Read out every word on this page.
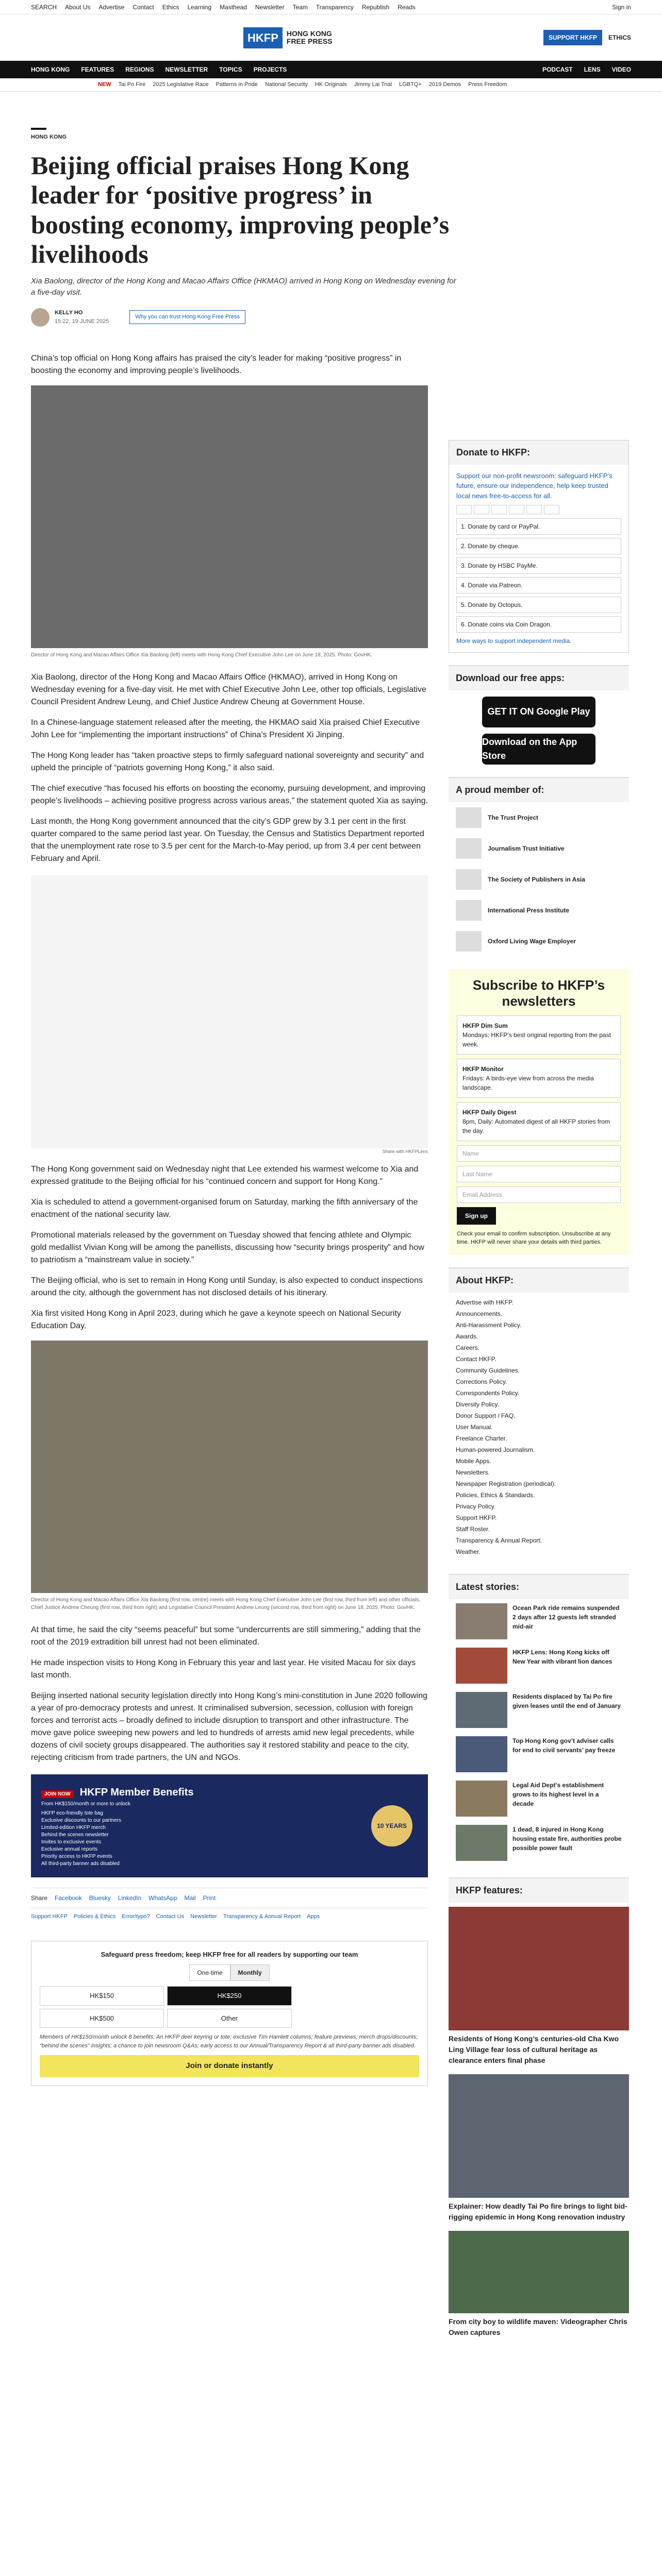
SEARCH About Us Advertise Contact Ethics Learning Masthead Newsletter Team Transparency Republish Reads	Sign in
HKFP	HONG KONG
FREE PRESS	SUPPORT HKFP	ETHICS
HONG KONG FEATURES REGIONS NEWSLETTER TOPICS PROJECTS	PODCAST LENS VIDEO
NEW Tai Po Fire 2025 Legislative Race Patterns in Pride National Security HK Originals Jimmy Lai Trial LGBTQ+ 2019 Demos Press Freedom
HONG KONG
Beijing official praises Hong Kong leader for ‘positive progress’ in boosting economy, improving people’s livelihoods
Xia Baolong, director of the Hong Kong and Macao Affairs Office (HKMAO) arrived in Hong Kong on Wednesday evening for a five-day visit.
KELLY HO
15:22, 19 JUNE 2025
Why you can trust Hong Kong Free Press

China’s top official on Hong Kong affairs has praised the city’s leader for making “positive progress” in boosting the economy and improving people’s livelihoods.

Director of Hong Kong and Macao Affairs Office Xia Baolong (left) meets with Hong Kong Chief Executive John Lee on June 18, 2025. Photo: GovHK.

Xia Baolong, director of the Hong Kong and Macao Affairs Office (HKMAO), arrived in Hong Kong on Wednesday evening for a five-day visit. He met with Chief Executive John Lee, other top officials, Legislative Council President Andrew Leung, and Chief Justice Andrew Cheung at Government House.

In a Chinese-language statement released after the meeting, the HKMAO said Xia praised Chief Executive John Lee for “implementing the important instructions” of China’s President Xi Jinping.

The Hong Kong leader has “taken proactive steps to firmly safeguard national sovereignty and security” and upheld the principle of “patriots governing Hong Kong,” it also said.

The chief executive “has focused his efforts on boosting the economy, pursuing development, and improving people’s livelihoods – achieving positive progress across various areas,” the statement quoted Xia as saying.

Last month, the Hong Kong government announced that the city’s GDP grew by 3.1 per cent in the first quarter compared to the same period last year. On Tuesday, the Census and Statistics Department reported that the unemployment rate rose to 3.5 per cent for the March-to-May period, up from 3.4 per cent between February and April.

Share with HKFPLens

The Hong Kong government said on Wednesday night that Lee extended his warmest welcome to Xia and expressed gratitude to the Beijing official for his “continued concern and support for Hong Kong.”

Xia is scheduled to attend a government-organised forum on Saturday, marking the fifth anniversary of the enactment of the national security law.

Promotional materials released by the government on Tuesday showed that fencing athlete and Olympic gold medallist Vivian Kong will be among the panellists, discussing how “security brings prosperity” and how to patriotism a “mainstream value in society.”

The Beijing official, who is set to remain in Hong Kong until Sunday, is also expected to conduct inspections around the city, although the government has not disclosed details of his itinerary.

Xia first visited Hong Kong in April 2023, during which he gave a keynote speech on National Security Education Day.

Director of Hong Kong and Macao Affairs Office Xia Baolong (first row, centre) meets with Hong Kong Chief Executive John Lee (first row, third from left) and other officials, Chief Justice Andrew Cheung (first row, third from right) and Legislative Council President Andrew Leung (second row, third from right) on June 18, 2025. Photo: GovHK.

At that time, he said the city “seems peaceful” but some “undercurrents are still simmering,” adding that the root of the 2019 extradition bill unrest had not been eliminated.

He made inspection visits to Hong Kong in February this year and last year. He visited Macau for six days last month.

Beijing inserted national security legislation directly into Hong Kong’s mini-constitution in June 2020 following a year of pro-democracy protests and unrest. It criminalised subversion, secession, collusion with foreign forces and terrorist acts – broadly defined to include disruption to transport and other infrastructure. The move gave police sweeping new powers and led to hundreds of arrests amid new legal precedents, while dozens of civil society groups disappeared. The authorities say it restored stability and peace to the city, rejecting criticism from trade partners, the UN and NGOs.

JOIN NOW HKFP Member Benefits
From HK$150/month or more to unlock
HKFP eco-friendly tote bag
Exclusive discounts to our partners
Limited-edition HKFP merch
Behind the scenes newsletter
Invites to exclusive events
Exclusive annual reports
Priority access to HKFP events
All third-party banner ads disabled
10 YEARS
Share Facebook Bluesky LinkedIn WhatsApp Mail Print
Support HKFP Policies & Ethics Error/typo? Contact Us Newsletter Transparency & Annual Report Apps
Safeguard press freedom; keep HKFP free for all readers by supporting our team
One-time	Monthly
HK$150	HK$250
HK$500	Other
Members of HK$150/month unlock 8 benefits: An HKFP deer keyring or tote; exclusive Tim Hamlett columns; feature previews; merch drops/discounts; “behind the scenes” insights; a chance to join newsroom Q&As; early access to our Annual/Transparency Report & all third-party banner ads disabled.
Join or donate instantly
Donate to HKFP:
Support our non-profit newsroom: safeguard HKFP’s future, ensure our independence, help keep trusted local news free-to-access for all.
1. Donate by card or PayPal.
2. Donate by cheque.
3. Donate by HSBC PayMe.
4. Donate via Patreon.
5. Donate by Octopus.
6. Donate coins via Coin Dragon.
More ways to support independent media.
Download our free apps:
GET IT ON Google Play
Download on the App Store
A proud member of:
The Trust Project
Journalism Trust Initiative
The Society of Publishers in Asia
International Press Institute
Oxford Living Wage Employer
Subscribe to HKFP’s newsletters
HKFP Dim Sum
Mondays: HKFP’s best original reporting from the past week.
HKFP Monitor
Fridays: A birds-eye view from across the media landscape.
HKFP Daily Digest
8pm, Daily: Automated digest of all HKFP stories from the day.
Name
Last Name
Email Address
Sign up
Check your email to confirm subscription. Unsubscribe at any time. HKFP will never share your details with third parties.
About HKFP:
Advertise with HKFP.
Announcements.
Anti-Harassment Policy.
Awards.
Careers.
Contact HKFP.
Community Guidelines.
Corrections Policy.
Correspondents Policy.
Diversity Policy.
Donor Support / FAQ.
User Manual.
Freelance Charter.
Human-powered Journalism.
Mobile Apps.
Newsletters.
Newspaper Registration (periodical).
Policies, Ethics & Standards.
Privacy Policy.
Support HKFP.
Staff Roster.
Transparency & Annual Report.
Weather.
Latest stories:
Ocean Park ride remains suspended 2 days after 12 guests left stranded mid-air
HKFP Lens: Hong Kong kicks off New Year with vibrant lion dances
Residents displaced by Tai Po fire given leases until the end of January
Top Hong Kong gov’t adviser calls for end to civil servants’ pay freeze
Legal Aid Dept’s establishment grows to its highest level in a decade
1 dead, 8 injured in Hong Kong housing estate fire, authorities probe possible power fault
HKFP features:
Residents of Hong Kong’s centuries-old Cha Kwo Ling Village fear loss of cultural heritage as clearance enters final phase
Explainer: How deadly Tai Po fire brings to light bid-rigging epidemic in Hong Kong renovation industry
From city boy to wildlife maven: Videographer Chris Owen captures
